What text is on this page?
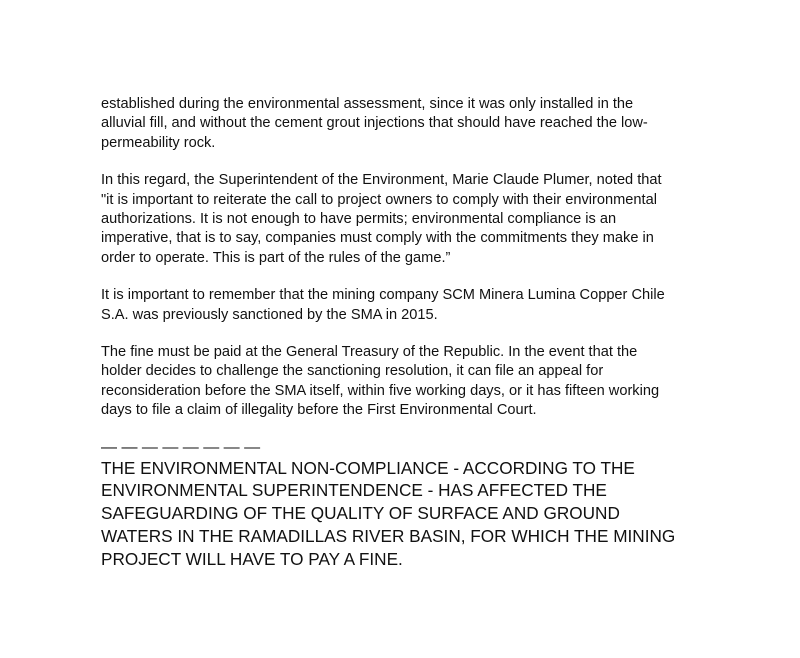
established during the environmental assessment, since it was only installed in the
alluvial fill, and without the cement grout injections that should have reached the low-
permeability rock.

In this regard, the Superintendent of the Environment, Marie Claude Plumer, noted that
"it is important to reiterate the call to project owners to comply with their environmental
authorizations. It is not enough to have permits; environmental compliance is an
imperative, that is to say, companies must comply with the commitments they make in
order to operate. This is part of the rules of the game.”

It is important to remember that the mining company SCM Minera Lumina Copper Chile
S.A. was previously sanctioned by the SMA in 2015.

The fine must be paid at the General Treasury of the Republic. In the event that the
holder decides to challenge the sanctioning resolution, it can file an appeal for
reconsideration before the SMA itself, within five working days, or it has fifteen working
days to file a claim of illegality before the First Environmental Court.

— — — — — — — —

THE ENVIRONMENTAL NON-COMPLIANCE - ACCORDING TO THE
ENVIRONMENTAL SUPERINTENDENCE - HAS AFFECTED THE
SAFEGUARDING OF THE QUALITY OF SURFACE AND GROUND
WATERS IN THE RAMADILLAS RIVER BASIN, FOR WHICH THE MINING
PROJECT WILL HAVE TO PAY A FINE.
